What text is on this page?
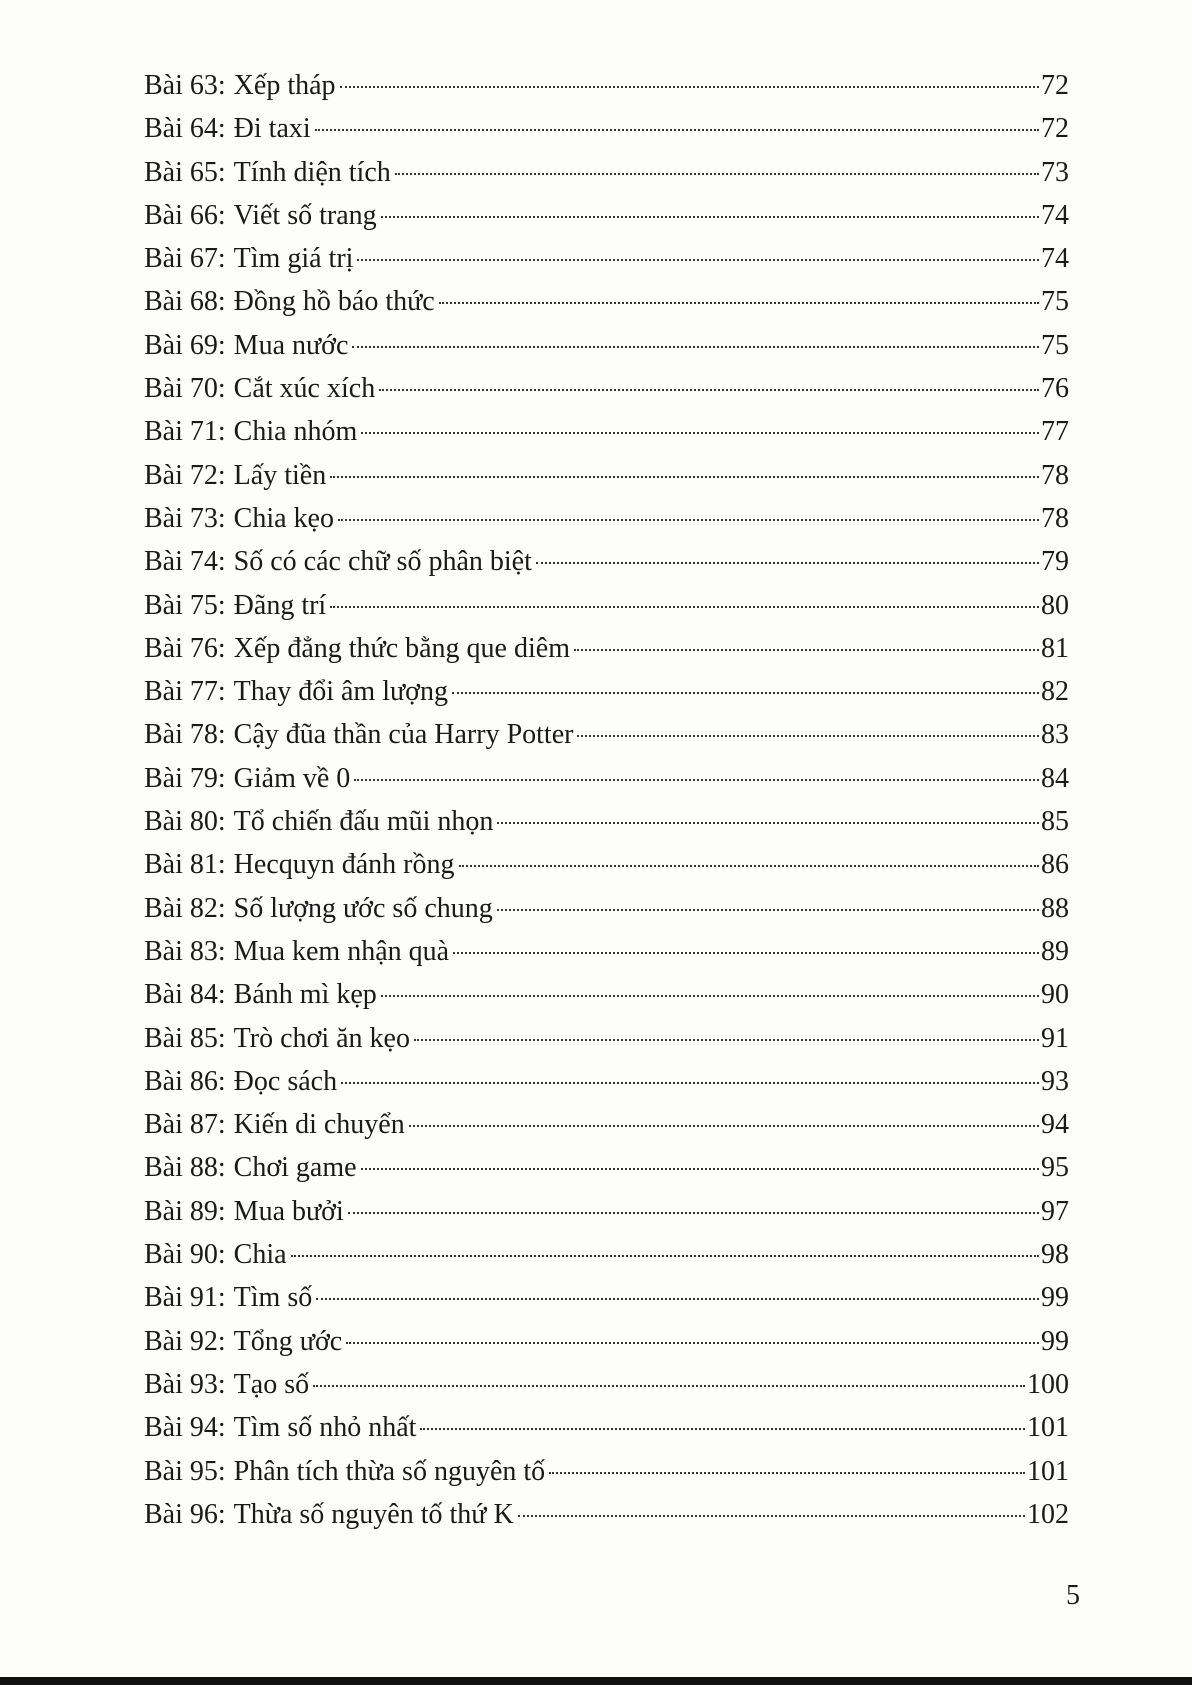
Bài 63: Xếp tháp	72
Bài 64: Đi taxi	72
Bài 65: Tính diện tích	73
Bài 66: Viết số trang	74
Bài 67: Tìm giá trị	74
Bài 68: Đồng hồ báo thức	75
Bài 69: Mua nước	75
Bài 70: Cắt xúc xích	76
Bài 71: Chia nhóm	77
Bài 72: Lấy tiền	78
Bài 73: Chia kẹo	78
Bài 74: Số có các chữ số phân biệt	79
Bài 75: Đãng trí	80
Bài 76: Xếp đẳng thức bằng que diêm	81
Bài 77: Thay đổi âm lượng	82
Bài 78: Cậy đũa thần của Harry Potter	83
Bài 79: Giảm về 0	84
Bài 80: Tổ chiến đấu mũi nhọn	85
Bài 81: Hecquyn đánh rồng	86
Bài 82: Số lượng ước số chung	88
Bài 83: Mua kem nhận quà	89
Bài 84: Bánh mì kẹp	90
Bài 85: Trò chơi ăn kẹo	91
Bài 86: Đọc sách	93
Bài 87: Kiến di chuyển	94
Bài 88: Chơi game	95
Bài 89: Mua bưởi	97
Bài 90: Chia	98
Bài 91: Tìm số	99
Bài 92: Tổng ước	99
Bài 93: Tạo số	100
Bài 94: Tìm số nhỏ nhất	101
Bài 95: Phân tích thừa số nguyên tố	101
Bài 96: Thừa số nguyên tố thứ K	102
5
